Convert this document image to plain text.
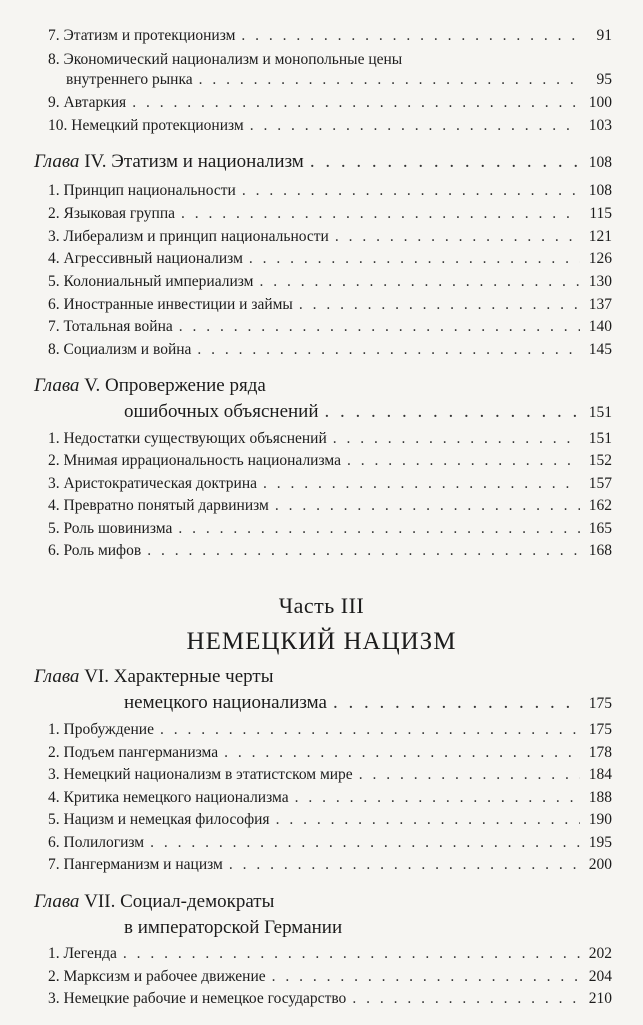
7. Этатизм и протекционизм . . .	91
8. Экономический национализм и монопольные цены
внутреннего рынка . . .	95
9. Автаркия . . .	100
10. Немецкий протекционизм . . .	103
Глава IV. Этатизм и национализм . . .	108
1. Принцип национальности . . .	108
2. Языковая группа . . .	115
3. Либерализм и принцип национальности . . .	121
4. Агрессивный национализм . . .	126
5. Колониальный империализм . . .	130
6. Иностранные инвестиции и займы . . .	137
7. Тотальная война . . .	140
8. Социализм и война . . .	145
Глава V. Опровержение ряда
ошибочных объяснений . . .	151
1. Недостатки существующих объяснений . . .	151
2. Мнимая иррациональность национализма . . .	152
3. Аристократическая доктрина . . .	157
4. Превратно понятый дарвинизм . . .	162
5. Роль шовинизма . . .	165
6. Роль мифов . . .	168
Часть III
НЕМЕЦКИЙ НАЦИЗМ
Глава VI. Характерные черты
немецкого национализма . . .	175
1. Пробуждение . . .	175
2. Подъем пангерманизма . . .	178
3. Немецкий национализм в этатистском мире . . .	184
4. Критика немецкого национализма . . .	188
5. Нацизм и немецкая философия . . .	190
6. Полилогизм . . .	195
7. Пангерманизм и нацизм . . .	200
Глава VII. Социал-демократы
в императорской Германии
1. Легенда . . .	202
2. Марксизм и рабочее движение . . .	204
3. Немецкие рабочие и немецкое государство . . .	210
